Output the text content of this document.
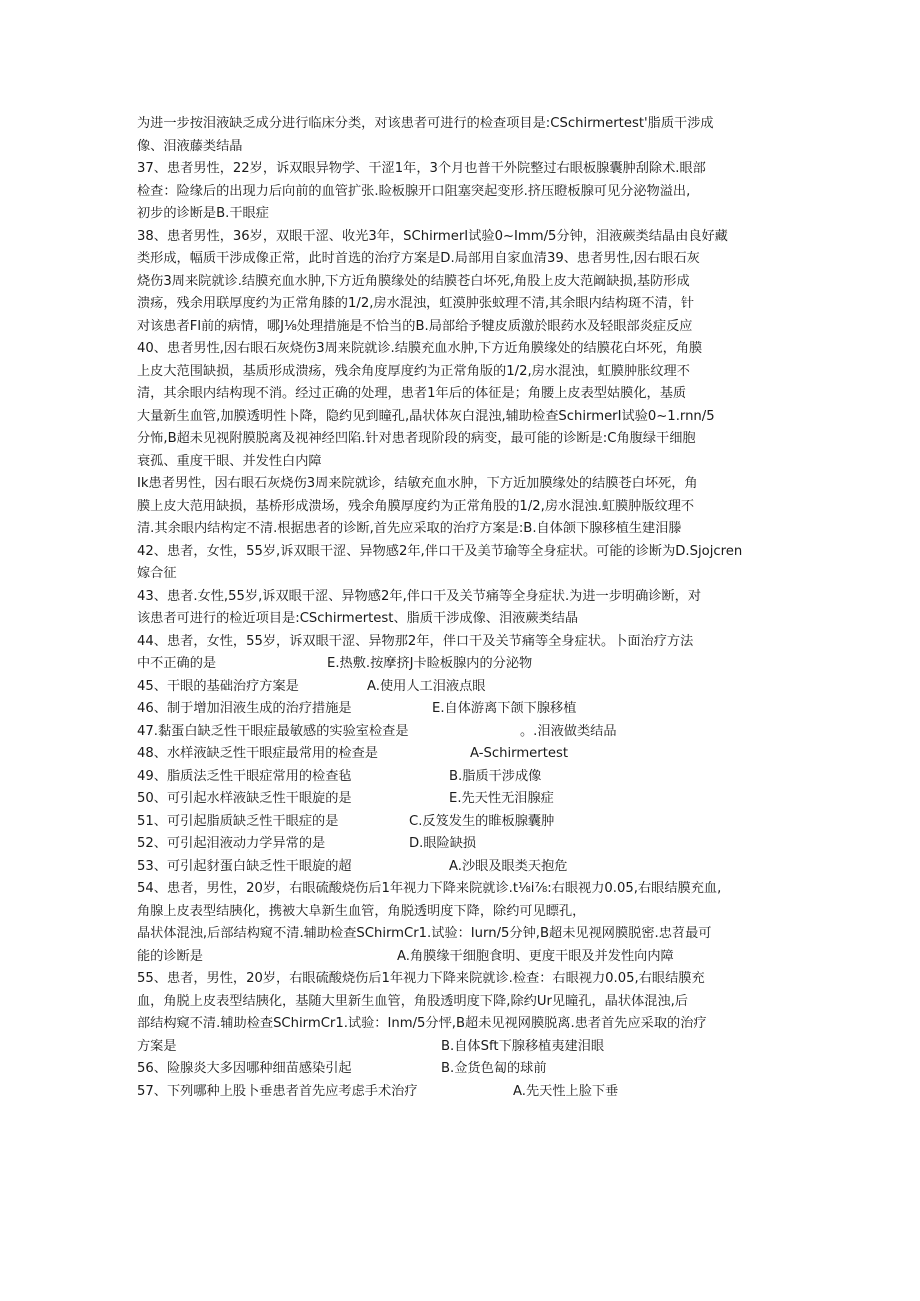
为进一步按泪液缺乏成分进行临床分类，对该患者可进行的检查项目是:CSchirmertest'脂质干涉成
像、泪液藤类结晶
37、患者男性，22岁，诉双眼异物学、干涩1年，3个月也普干外院整过右眼板腺囊肿刮除术.眼部
检查：险缘后的出现力后向前的血管扩张.睑板腺开口阻塞突起变形.挤压瞪板腺可见分泌物溢出,
初步的诊断是B.干眼症
38、患者男性，36岁，双眼干涩、收光3年，SChirmerI试验0~Imm/5分钟，泪液蕨类结晶由良好藏
类形成，幅质干涉成像正常，此时首选的治疗方案是D.局部用自家血清39、患者男性,因右眼石灰
烧伤3周来院就诊.结膜充血水肿,下方近角膜缘处的结膜苍白坏死,角股上皮大范阚缺损,基防形成
溃疡，残余用联厚度约为正常角膝的1/2,房水混浊，虹漠肿张蚊理不清,其余眼内结构斑不清，针
对该患者Fl前的病情，哪J⅛处理措施是不恰当的B.局部给予犍皮质激於眼药水及轻眼部炎症反应
40、患者男性,因右眼石灰烧伤3周来院就诊.结膜充血水肿,下方近角膜缘处的结膜花白坏死，角膜
上皮大范围缺损，基质形成溃疡，残余角度厚度约为正常角版的1/2,房水混浊，虹膜肿胀纹理不
清，其余眼内结构现不消。经过正确的处理，患者1年后的体征是；角腰上皮表型姑膜化，基质
大量新生血管,加膜透明性卜降，隐约见到瞳孔,晶状体灰白混浊,辅助检查SchirmerI试验0~1.rnn/5
分怖,B超未见视附膜脱离及视神经凹陷.针对患者现阶段的病变，最可能的诊断是:C角腹绿干细胞
衰孤、重度干眼、并发性白内障
Ik患者男性，因右眼石灰烧伤3周来院就诊，结敏充血水肿，下方近加膜缘处的结膜苍白坏死，角
膜上皮大范用缺损，基桥形成溃场，残余角膜厚度约为正常角股的1/2,房水混浊.虹膜肿版纹理不
清.其余眼内结构定不清.根据患者的诊断,首先应采取的治疗方案是:B.自体颌下腺移植生建泪滕
42、患者，女性，55岁,诉双眼干涩、异物感2年,伴口干及美节瑜等全身症状。可能的诊断为D.Sjojcren
嫁合征
43、患者.女性,55岁,诉双眼干涩、异物感2年,伴口干及关节痛等全身症状.为进一步明确诊断，对
该患者可进行的检近项目是:CSchirmertest、脂质干涉成像、泪液蕨类结晶
44、患者，女性，55岁，诉双眼干涩、异物那2年，伴口干及关节痛等全身症状。卜面治疗方法
中不正确的是	E.热敷.按摩挤J卡睑板腺内的分泌物
45、干眼的基础治疗方案是	A.使用人工泪液点眼
46、制于增加泪液生成的治疗措施是	E.自体游离下颌下腺移植
47.黏蛋白缺乏性干眼症最敏感的实验室检查是	。.泪液做类结品
48、水样液缺乏性干眼症最常用的检查是	A-Schirmertest
49、脂质法乏性干眼症常用的检查毡	B.脂质干涉成像
50、可引起水样液缺乏性干眼旋的是	E.先天性无泪腺症
51、可引起脂质缺乏性干眼症的是	C.反笈发生的睢板腺囊肿
52、可引起泪液动力学异常的是	D.眼险缺损
53、可引起豺蛋白缺乏性干眼旋的超	A.沙眼及眼类天抱危
54、患者，男性，20岁，右眼硫酸烧伤后1年视力下降来院就诊.t⅛i⅞:右眼视力0.05,右眼结膜充血,
角腺上皮表型结胰化，携被大阜新生血管，角脱透明度下降，除约可见瞟孔，
晶状体混浊,后部结构窥不清.辅助检查SChirmCr1.试验：Iurn/5分钟,B超未见视网膜脱密.忠苕最可
能的诊断是	A.角膜缘干细胞食明、更度干眼及并发性向内障
55、患者，男性，20岁，右眼硫酸烧伤后1年视力下降来院就诊.检查：右眼视力0.05,右眼结膜充
血，角脱上皮表型结胰化，基随大里新生血管，角股透明度下降,除约Ur见瞳孔，晶状体混浊,后
部结构窥不清.辅助检查SChirmCr1.试验：Inm/5分怦,B超未见视网膜脱离.患者首先应采取的治疗
方案是	B.自体Sft下腺移植夷建泪眼
56、险腺炎大多因哪种细苗感染引起	B.佥货色匐的球前
57、下列哪种上股卜垂患者首先应考虑手术治疗	A.先天性上脸下垂
